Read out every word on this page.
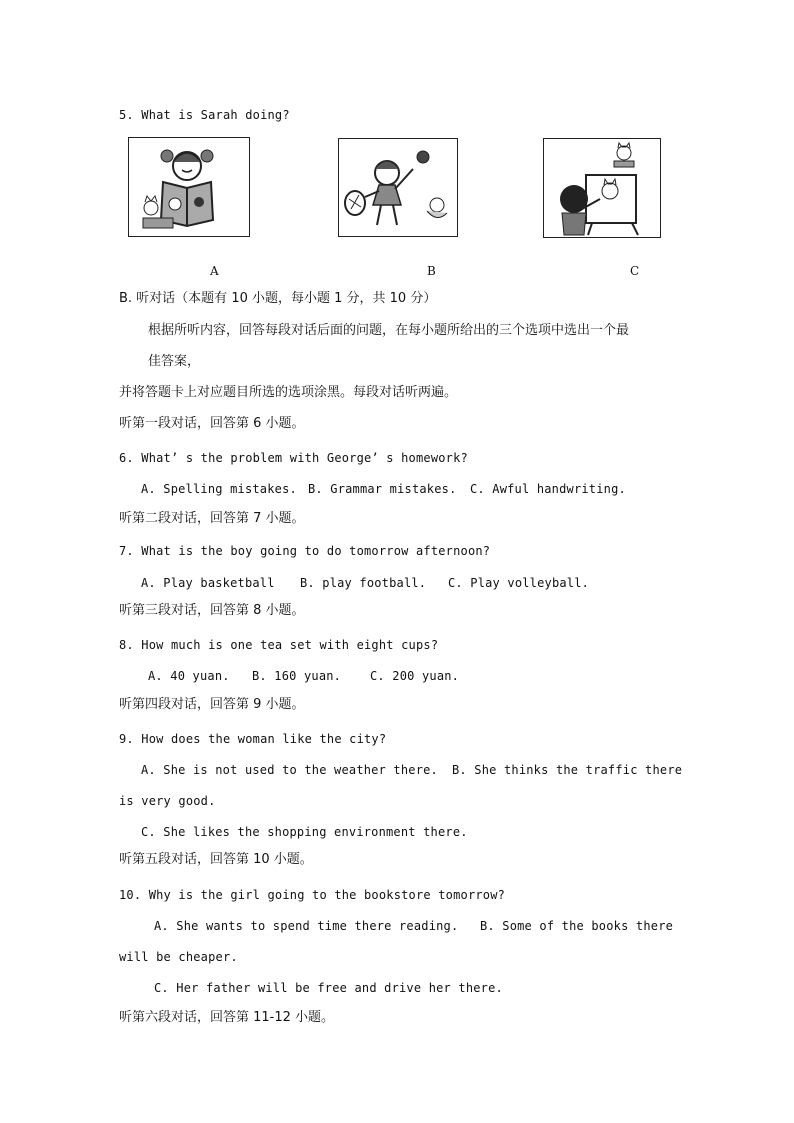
5. What is Sarah doing?
A	B	C
B. 听对话（本题有 10 小题，每小题 1 分，共 10 分）
根据所听内容，回答每段对话后面的问题，在每小题所给出的三个选项中选出一个最
佳答案，
并将答题卡上对应题目所选的选项涂黑。每段对话听两遍。
听第一段对话，回答第 6 小题。
6. What’ s the problem with George’ s homework?
A. Spelling mistakes. B. Grammar mistakes. C. Awful handwriting.
听第二段对话，回答第 7 小题。
7. What is the boy going to do tomorrow afternoon?
A. Play basketball B. play football. C. Play volleyball.
听第三段对话，回答第 8 小题。
8. How much is one tea set with eight cups?
A. 40 yuan. B. 160 yuan. C. 200 yuan.
听第四段对话，回答第 9 小题。
9. How does the woman like the city?
A. She is not used to the weather there. B. She thinks the traffic there
is very good.
C. She likes the shopping environment there.
听第五段对话，回答第 10 小题。
10. Why is the girl going to the bookstore tomorrow?
A. She wants to spend time there reading. B. Some of the books there
will be cheaper.
C. Her father will be free and drive her there.
听第六段对话，回答第 11-12 小题。
